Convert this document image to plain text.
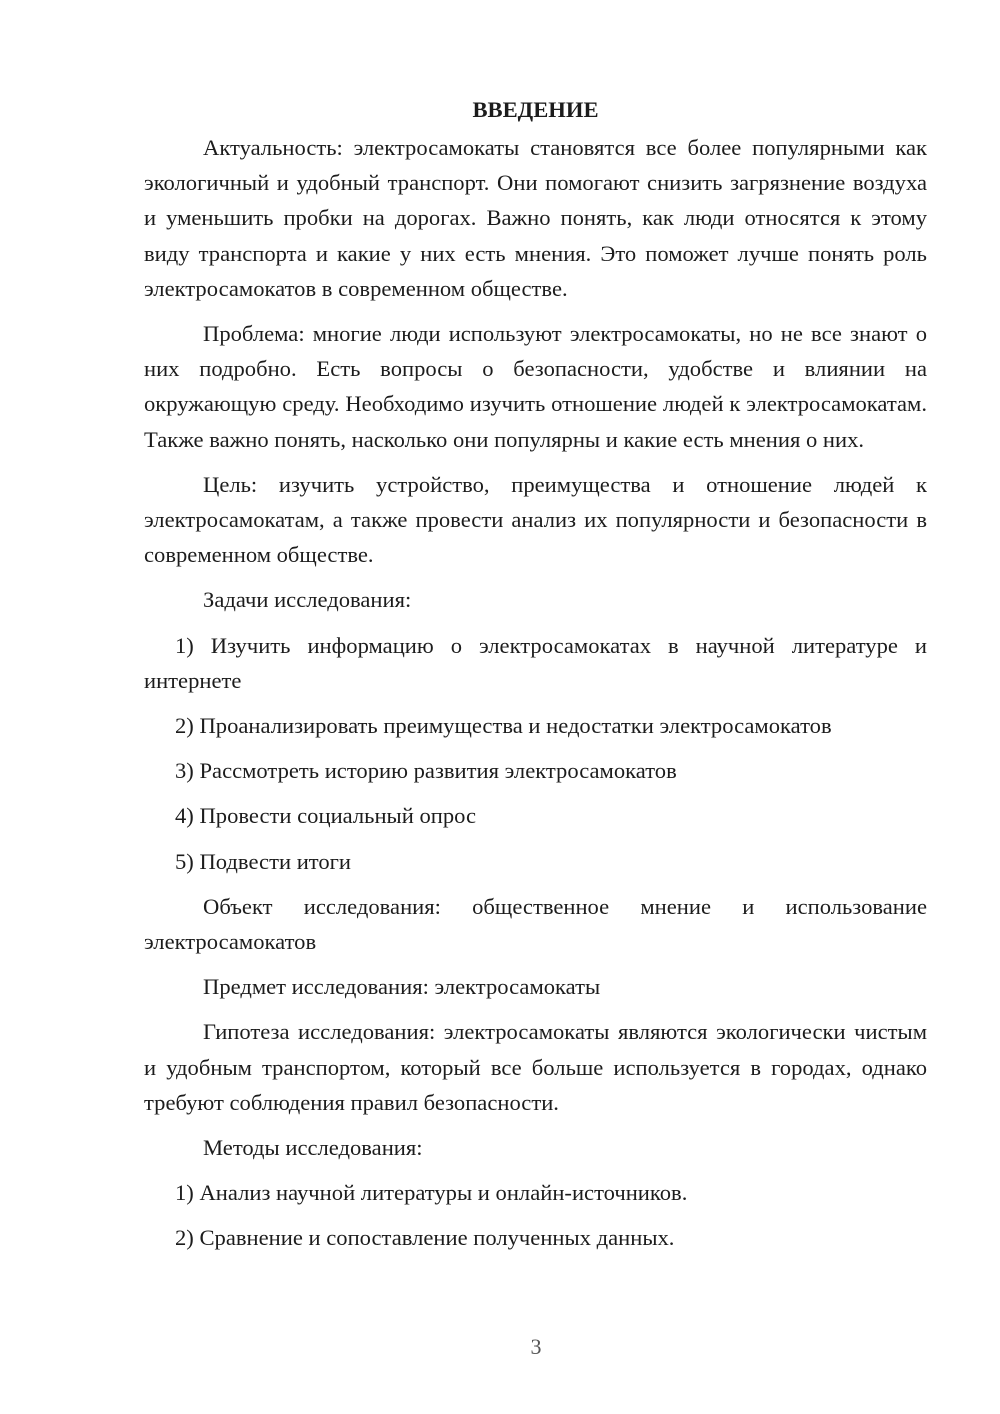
ВВЕДЕНИЕ

Актуальность: электросамокаты становятся все более популярными как экологичный и удобный транспорт. Они помогают снизить загрязнение воздуха и уменьшить пробки на дорогах. Важно понять, как люди относятся к этому виду транспорта и какие у них есть мнения. Это поможет лучше понять роль электросамокатов в современном обществе.

Проблема: многие люди используют электросамокаты, но не все знают о них подробно. Есть вопросы о безопасности, удобстве и влиянии на окружающую среду. Необходимо изучить отношение людей к электросамокатам. Также важно понять, насколько они популярны и какие есть мнения о них.

Цель: изучить устройство, преимущества и отношение людей к электросамокатам, а также провести анализ их популярности и безопасности в современном обществе.

Задачи исследования:

1) Изучить информацию о электросамокатах в научной литературе и интернете

2) Проанализировать преимущества и недостатки электросамокатов

3) Рассмотреть историю развития электросамокатов

4) Провести социальный опрос

5) Подвести итоги

Объект исследования: общественное мнение и использование электросамокатов

Предмет исследования: электросамокаты

Гипотеза исследования: электросамокаты являются экологически чистым и удобным транспортом, который все больше используется в городах, однако требуют соблюдения правил безопасности.

Методы исследования:

1) Анализ научной литературы и онлайн-источников.

2) Сравнение и сопоставление полученных данных.

3
